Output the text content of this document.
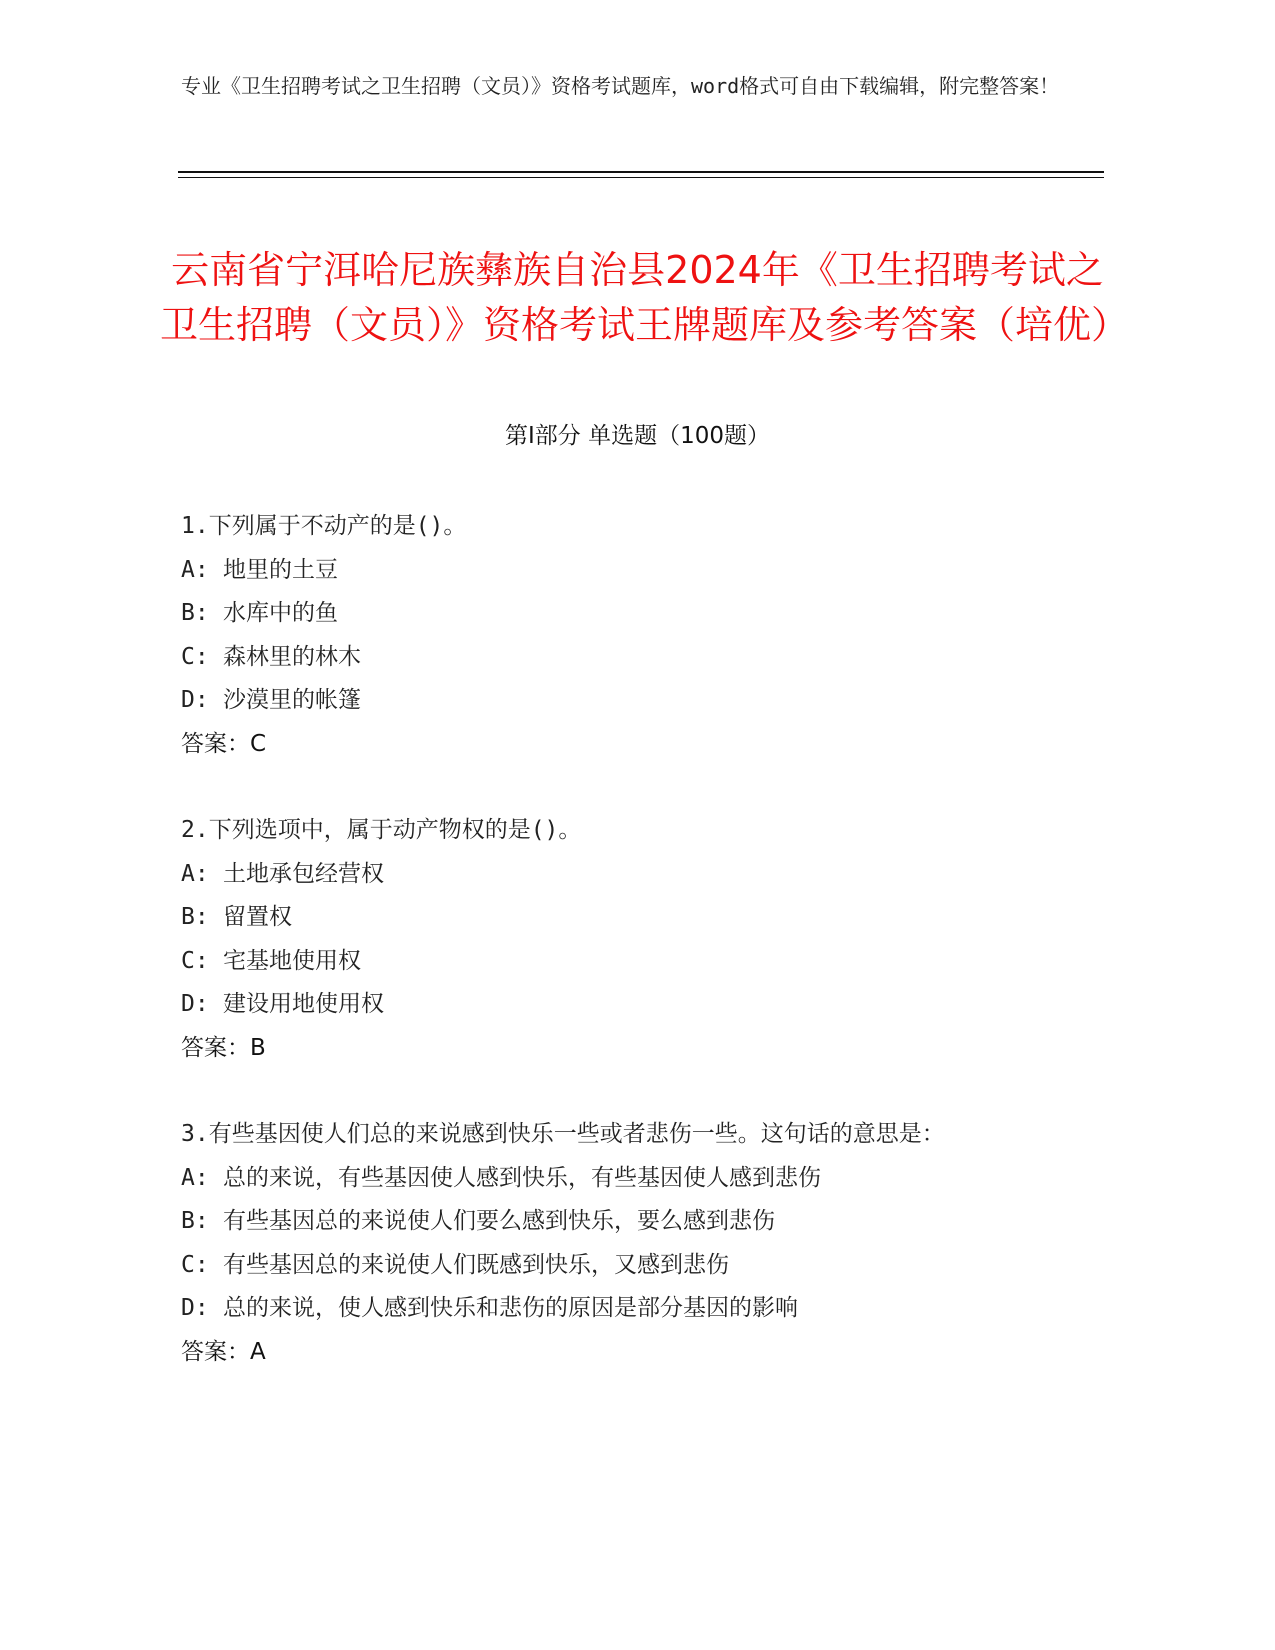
专业《卫生招聘考试之卫生招聘（文员）》资格考试题库，word格式可自由下载编辑，附完整答案！
云南省宁洱哈尼族彝族自治县2024年《卫生招聘考试之卫生招聘（文员）》资格考试王牌题库及参考答案（培优）
第I部分 单选题（100题）

1.下列属于不动产的是()。

A: 地里的土豆

B: 水库中的鱼

C: 森林里的林木

D: 沙漠里的帐篷

答案：C

2.下列选项中，属于动产物权的是()。

A: 土地承包经营权

B: 留置权

C: 宅基地使用权

D: 建设用地使用权

答案：B

3.有些基因使人们总的来说感到快乐一些或者悲伤一些。这句话的意思是：

A: 总的来说，有些基因使人感到快乐，有些基因使人感到悲伤

B: 有些基因总的来说使人们要么感到快乐，要么感到悲伤

C: 有些基因总的来说使人们既感到快乐，又感到悲伤

D: 总的来说，使人感到快乐和悲伤的原因是部分基因的影响

答案：A
